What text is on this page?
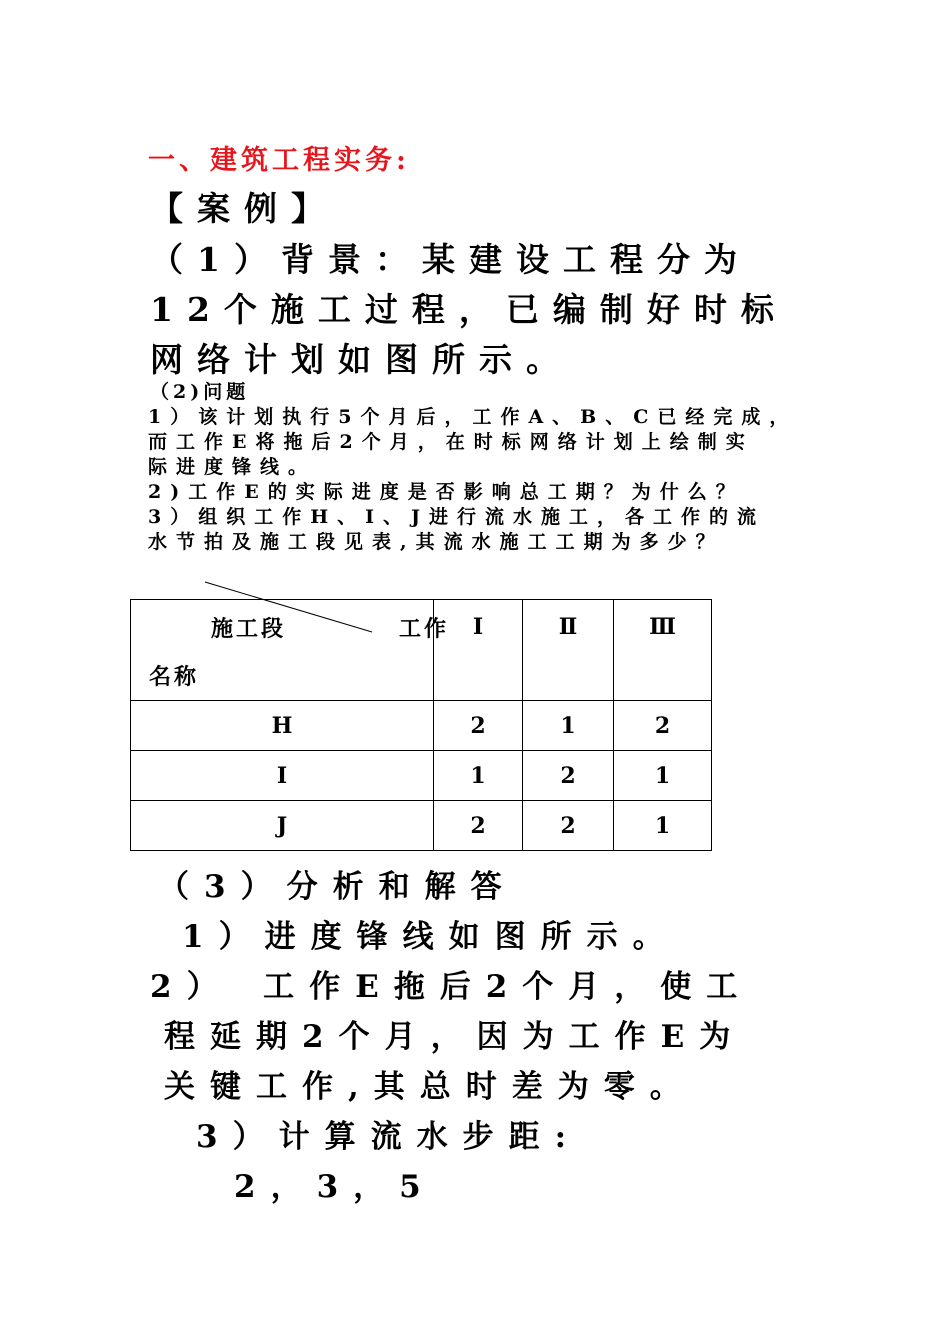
一、建筑工程实务:
【案例】
（1）背景：某建设工程分为
12个施工过程，已编制好时标
网络计划如图所示。
（2)问题
1）该计划执行5个月后，工作A、B、C已经完成，
而工作E将拖后2个月，在时标网络计划上绘制实
际进度锋线。
2)工作E的实际进度是否影响总工期？为什么？
3）组织工作H、I、J进行流水施工，各工作的流
水节拍及施工段见表,其流水施工工期为多少？
施工段 工作
名称	I	Ⅱ	Ⅲ
H	2	1	2
I	1	2	1
J	2	2	1
（3）分析和解答
1）进度锋线如图所示。
2）　工作E拖后2个月，使工
程延期2个月，因为工作E为
关键工作,其总时差为零。
3）计算流水步距:
2，3，5
